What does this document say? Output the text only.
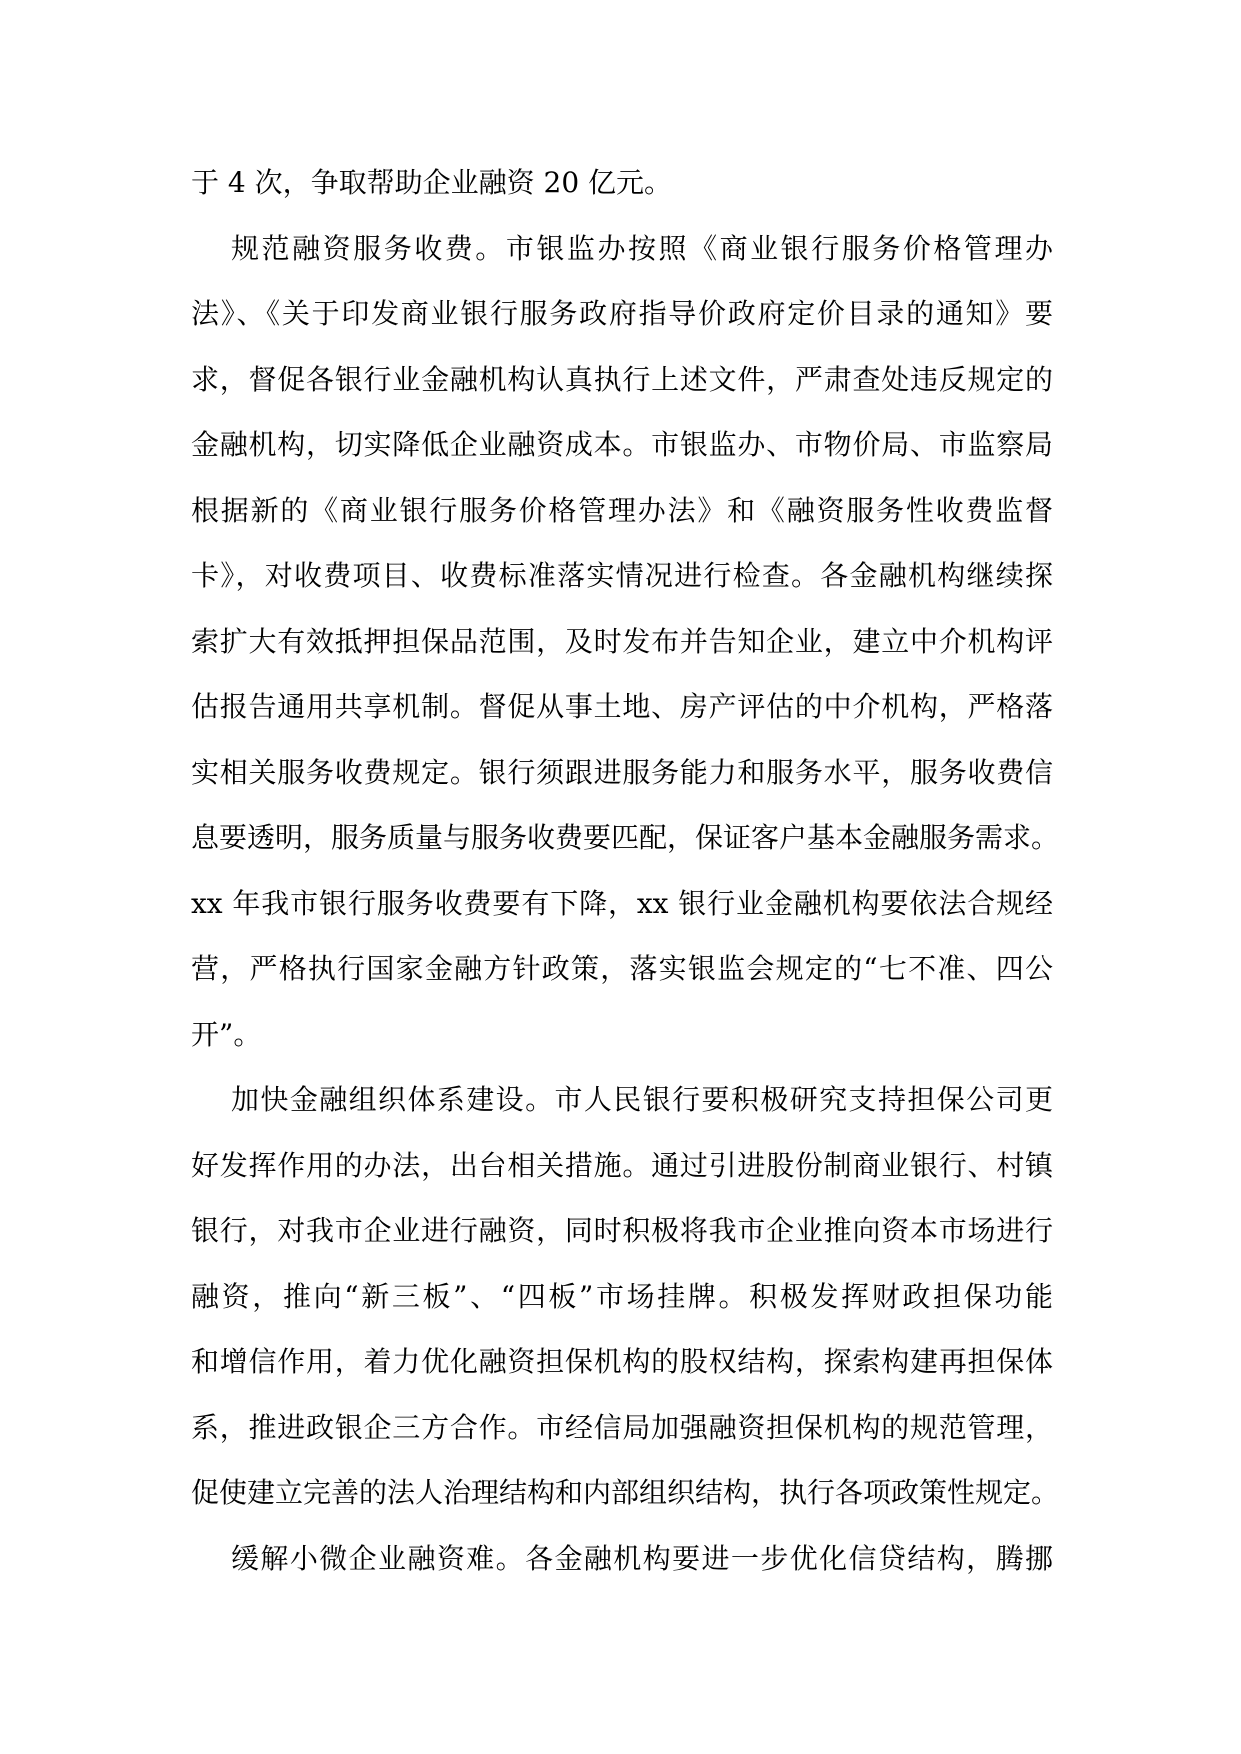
于 4 次，争取帮助企业融资 20 亿元。
规范融资服务收费。市银监办按照《商业银行服务价格管理办
法》、《关于印发商业银行服务政府指导价政府定价目录的通知》要
求，督促各银行业金融机构认真执行上述文件，严肃查处违反规定的
金融机构，切实降低企业融资成本。市银监办、市物价局、市监察局
根据新的《商业银行服务价格管理办法》和《融资服务性收费监督
卡》，对收费项目、收费标准落实情况进行检查。各金融机构继续探
索扩大有效抵押担保品范围，及时发布并告知企业，建立中介机构评
估报告通用共享机制。督促从事土地、房产评估的中介机构，严格落
实相关服务收费规定。银行须跟进服务能力和服务水平，服务收费信
息要透明，服务质量与服务收费要匹配，保证客户基本金融服务需求。
xx 年我市银行服务收费要有下降，xx 银行业金融机构要依法合规经
营，严格执行国家金融方针政策，落实银监会规定的“七不准、四公
开”。
加快金融组织体系建设。市人民银行要积极研究支持担保公司更
好发挥作用的办法，出台相关措施。通过引进股份制商业银行、村镇
银行，对我市企业进行融资，同时积极将我市企业推向资本市场进行
融资，推向“新三板”、“四板”市场挂牌。积极发挥财政担保功能
和增信作用，着力优化融资担保机构的股权结构，探索构建再担保体
系，推进政银企三方合作。市经信局加强融资担保机构的规范管理，
促使建立完善的法人治理结构和内部组织结构，执行各项政策性规定。
缓解小微企业融资难。各金融机构要进一步优化信贷结构，腾挪
